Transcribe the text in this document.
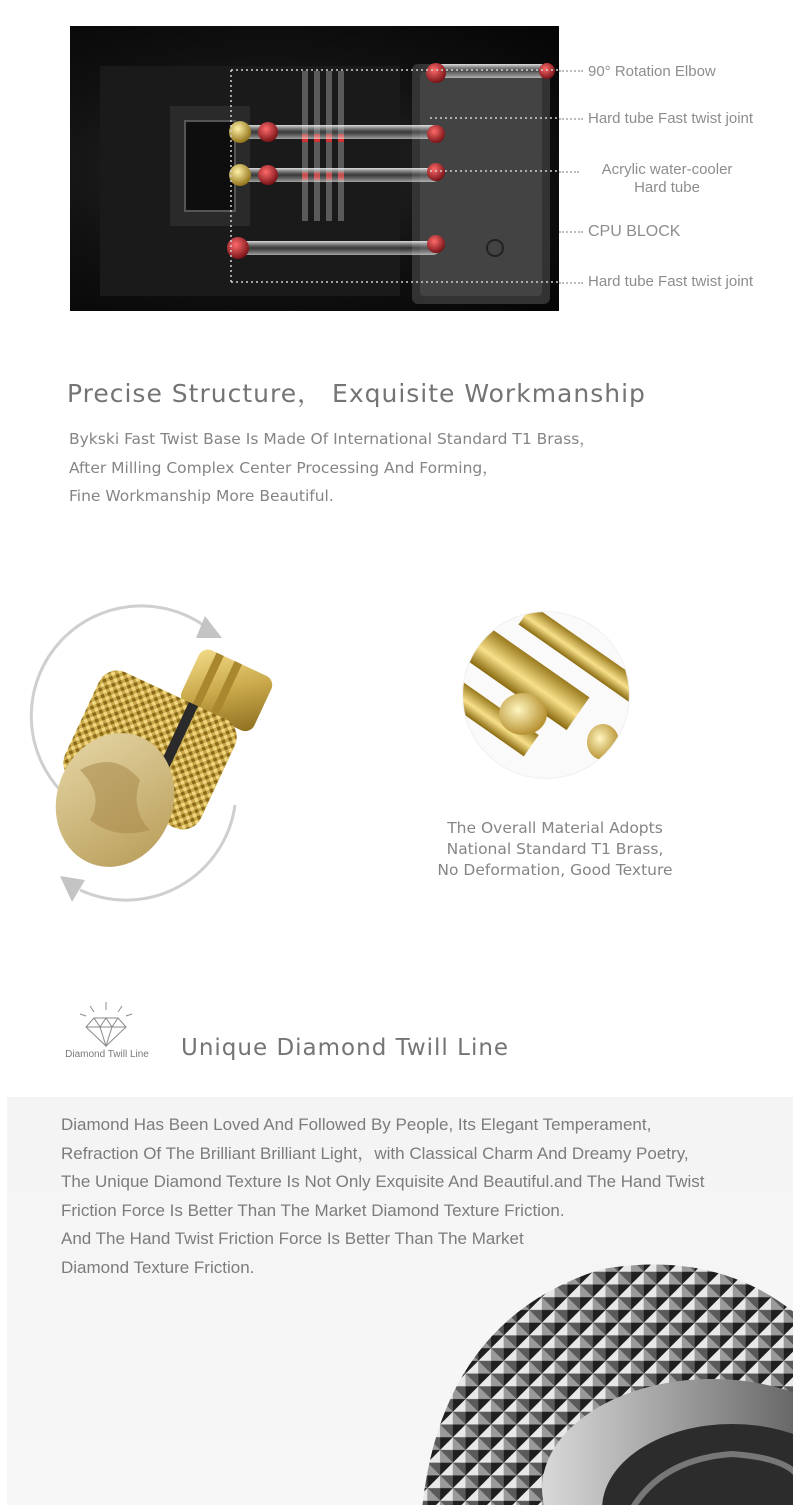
90° Rotation Elbow
Hard tube Fast twist joint
Acrylic water-cooler
Hard tube
CPU BLOCK
Hard tube Fast twist joint
Precise Structure， Exquisite Workmanship
Bykski Fast Twist Base Is Made Of International Standard T1 Brass，
After Milling Complex Center Processing And Forming，
Fine Workmanship More Beautiful.
The Overall Material Adopts
National Standard T1 Brass,
No Deformation, Good Texture
Diamond Twill Line	Unique Diamond Twill Line
Diamond Has Been Loved And Followed By People, Its Elegant Temperament,
Refraction Of The Brilliant Brilliant Light，with Classical Charm And Dreamy Poetry,
The Unique Diamond Texture Is Not Only Exquisite And Beautiful.and The Hand Twist
Friction Force Is Better Than The Market Diamond Texture Friction.
And The Hand Twist Friction Force Is Better Than The Market
Diamond Texture Friction.
